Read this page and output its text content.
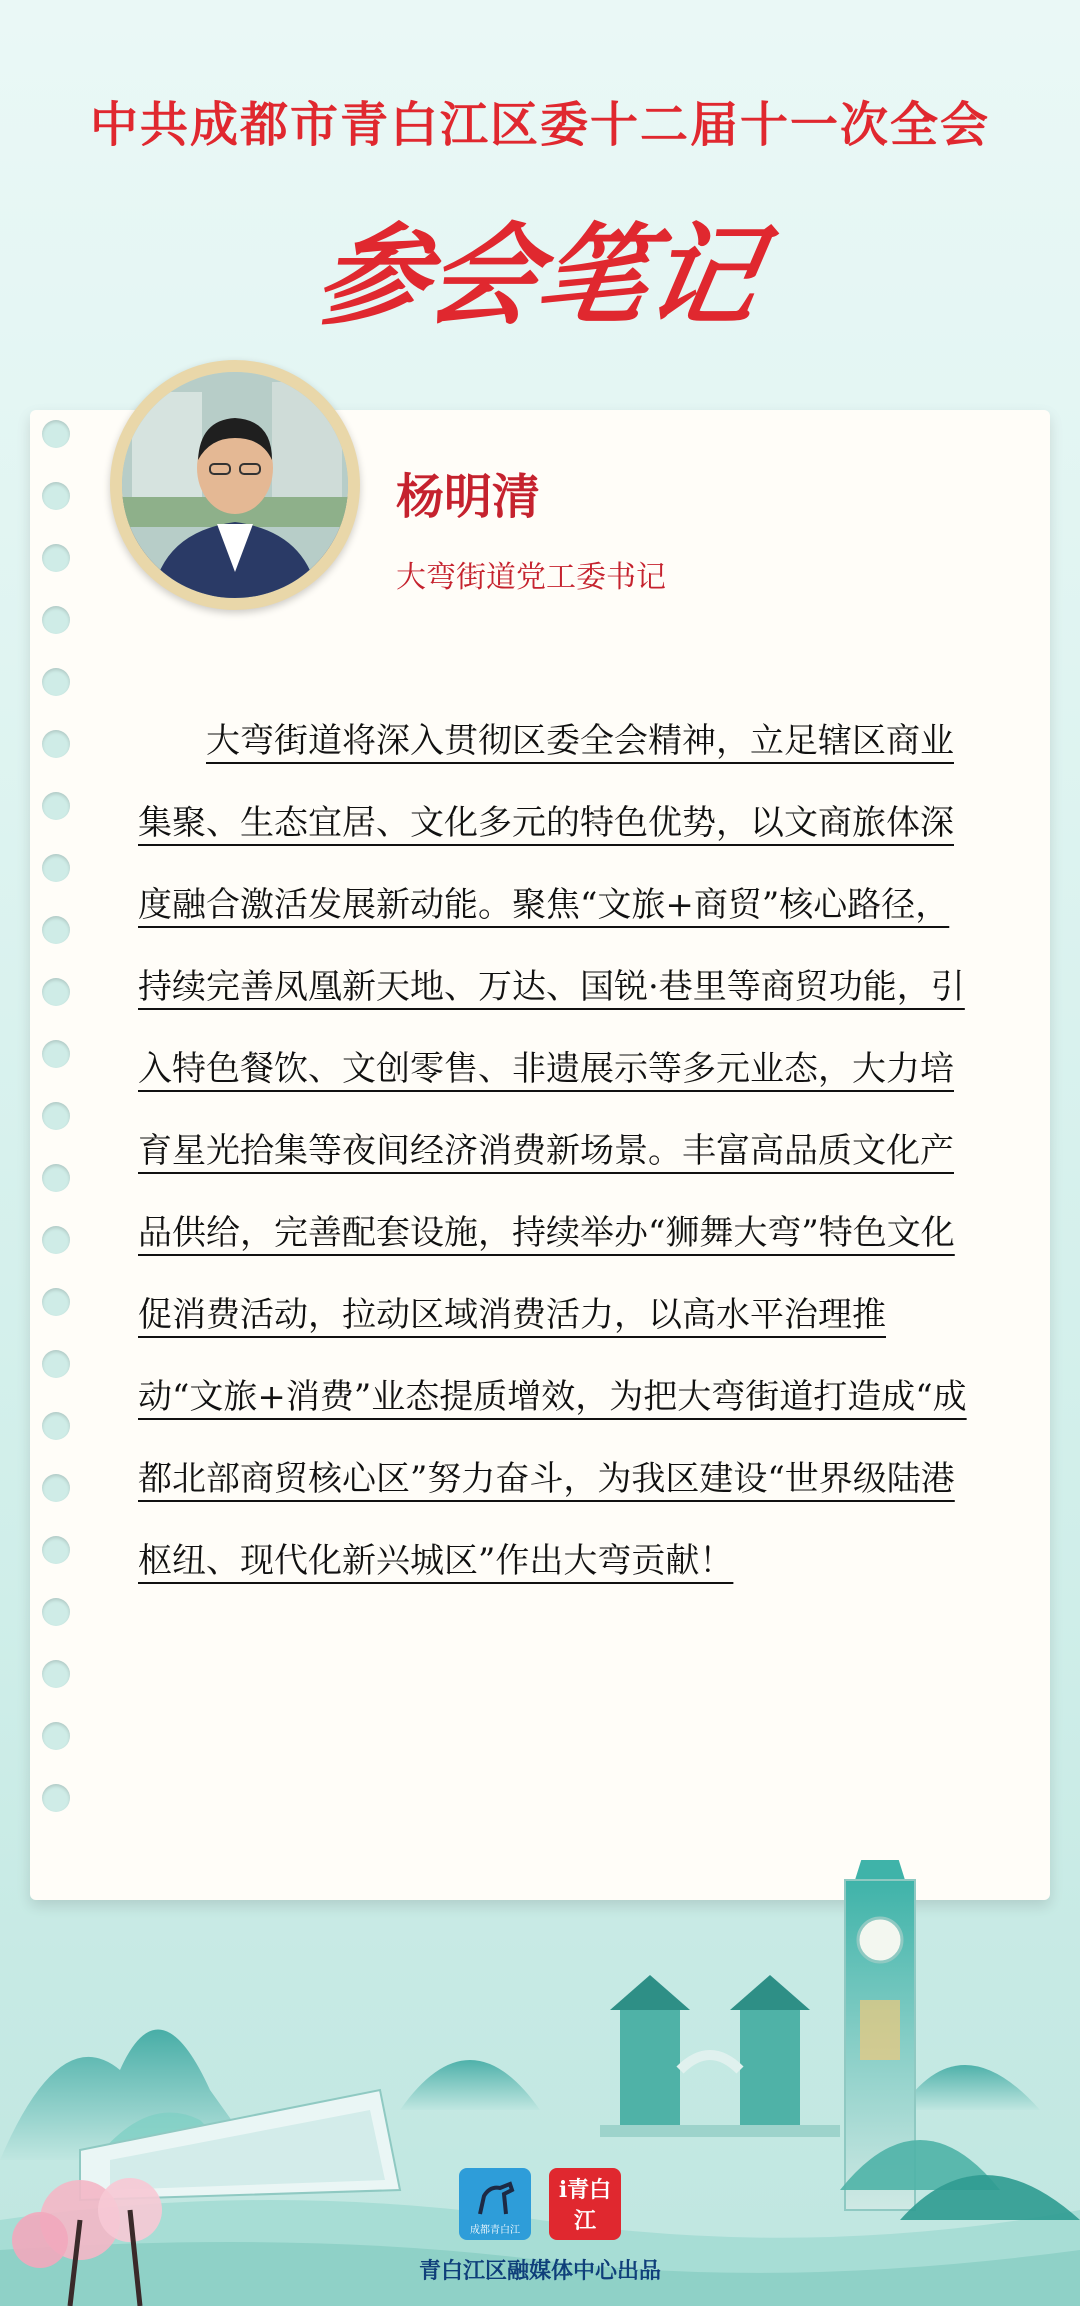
中共成都市青白江区委十二届十一次全会
参会笔记
杨明清
大弯街道党工委书记
大弯街道将深入贯彻区委全会精神，立足辖区商业集聚、生态宜居、文化多元的特色优势，以文商旅体深度融合激活发展新动能。聚焦“文旅+商贸”核心路径，持续完善凤凰新天地、万达、国锐·巷里等商贸功能，引入特色餐饮、文创零售、非遗展示等多元业态，大力培育星光拾集等夜间经济消费新场景。丰富高品质文化产品供给，完善配套设施，持续举办“狮舞大弯”特色文化促消费活动，拉动区域消费活力，以高水平治理推动“文旅+消费”业态提质增效，为把大弯街道打造成“成都北部商贸核心区”努力奋斗，为我区建设“世界级陆港枢纽、现代化新兴城区”作出大弯贡献！
成都青白江
i青白江
青白江区融媒体中心出品
